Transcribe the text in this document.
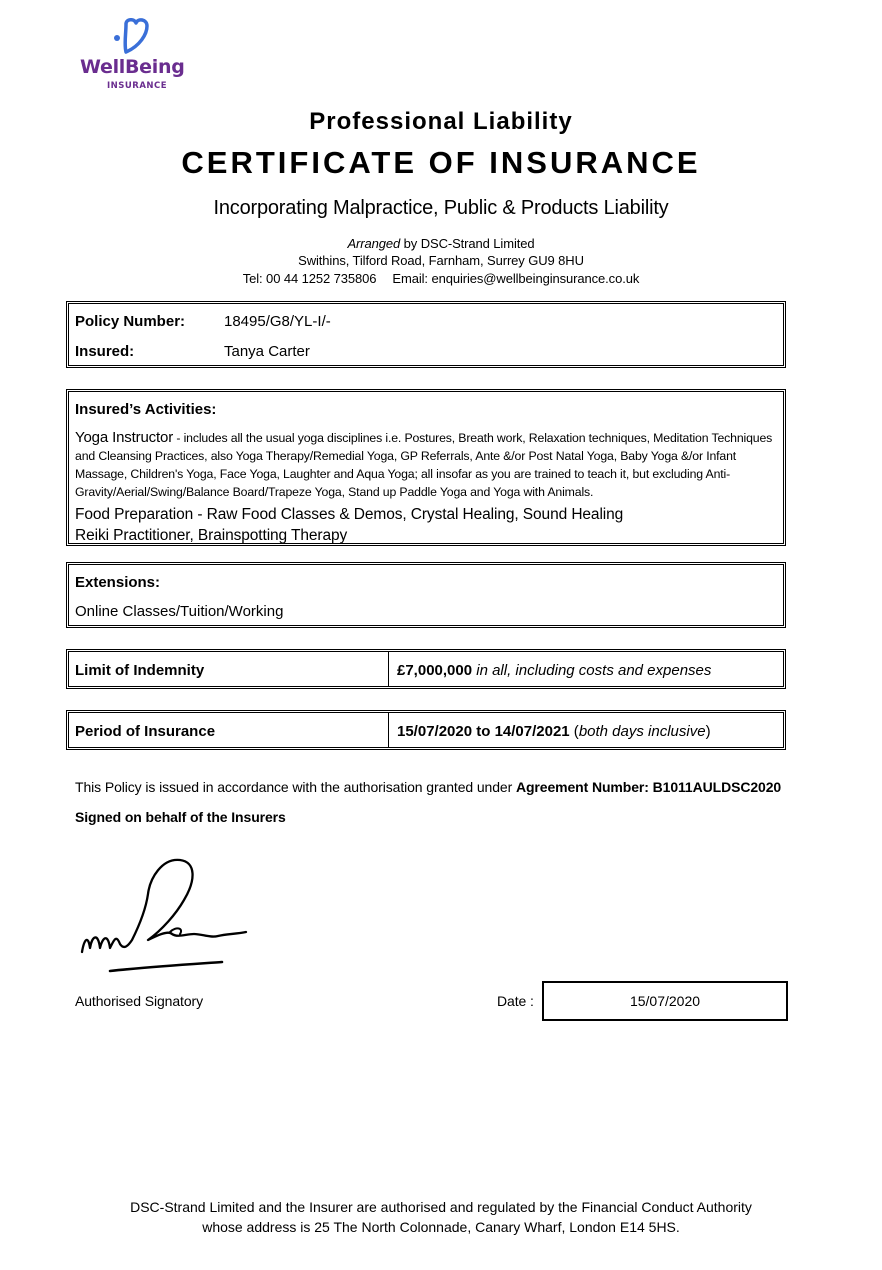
WellBeing
INSURANCE
Professional Liability
CERTIFICATE OF INSURANCE
Incorporating Malpractice, Public & Products Liability
Arranged by DSC-Strand Limited
Swithins, Tilford Road, Farnham, Surrey GU9 8HU
Tel: 00 44 1252 735806 Email: enquiries@wellbeinginsurance.co.uk
Policy Number:	18495/G8/YL-I/-
Insured:	Tanya Carter
Insured’s Activities:
Yoga Instructor - includes all the usual yoga disciplines i.e. Postures, Breath work, Relaxation techniques, Meditation Techniques and Cleansing Practices, also Yoga Therapy/Remedial Yoga, GP Referrals, Ante &/or Post Natal Yoga, Baby Yoga &/or Infant Massage, Children's Yoga, Face Yoga, Laughter and Aqua Yoga; all insofar as you are trained to teach it, but excluding Anti-Gravity/Aerial/Swing/Balance Board/Trapeze Yoga, Stand up Paddle Yoga and Yoga with Animals.
Food Preparation - Raw Food Classes & Demos, Crystal Healing, Sound Healing
Reiki Practitioner, Brainspotting Therapy
Extensions:
Online Classes/Tuition/Working
Limit of Indemnity	£7,000,000 in all, including costs and expenses
Period of Insurance	15/07/2020 to 14/07/2021 (both days inclusive)
This Policy is issued in accordance with the authorisation granted under Agreement Number: B1011AULDSC2020
Signed on behalf of the Insurers
Authorised Signatory	Date :	15/07/2020
DSC-Strand Limited and the Insurer are authorised and regulated by the Financial Conduct Authority
whose address is 25 The North Colonnade, Canary Wharf, London E14 5HS.
